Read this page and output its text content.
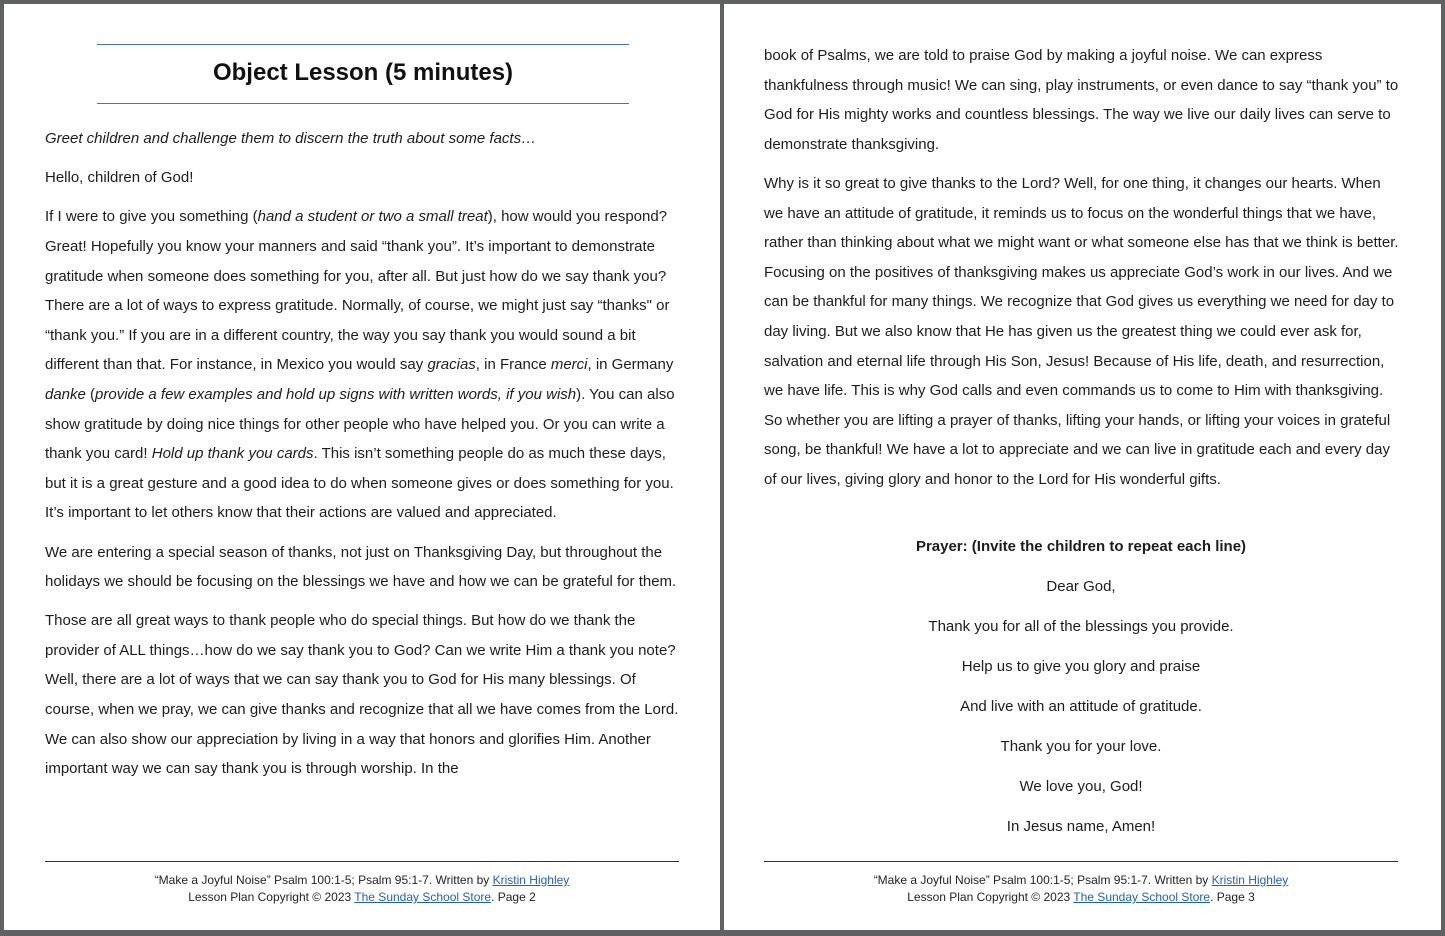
Object Lesson (5 minutes)

Greet children and challenge them to discern the truth about some facts…

Hello, children of God!

If I were to give you something (hand a student or two a small treat), how would you respond? Great! Hopefully you know your manners and said “thank you”. It’s important to demonstrate gratitude when someone does something for you, after all. But just how do we say thank you? There are a lot of ways to express gratitude. Normally, of course, we might just say “thanks" or “thank you.” If you are in a different country, the way you say thank you would sound a bit different than that. For instance, in Mexico you would say gracias, in France merci, in Germany danke (provide a few examples and hold up signs with written words, if you wish). You can also show gratitude by doing nice things for other people who have helped you. Or you can write a thank you card! Hold up thank you cards. This isn’t something people do as much these days, but it is a great gesture and a good idea to do when someone gives or does something for you. It’s important to let others know that their actions are valued and appreciated.

We are entering a special season of thanks, not just on Thanksgiving Day, but throughout the holidays we should be focusing on the blessings we have and how we can be grateful for them.

Those are all great ways to thank people who do special things. But how do we thank the provider of ALL things…how do we say thank you to God? Can we write Him a thank you note? Well, there are a lot of ways that we can say thank you to God for His many blessings. Of course, when we pray, we can give thanks and recognize that all we have comes from the Lord. We can also show our appreciation by living in a way that honors and glorifies Him. Another important way we can say thank you is through worship. In the

“Make a Joyful Noise” Psalm 100:1-5; Psalm 95:1-7. Written by Kristin Highley
Lesson Plan Copyright © 2023 The Sunday School Store. Page 2

book of Psalms, we are told to praise God by making a joyful noise. We can express thankfulness through music! We can sing, play instruments, or even dance to say “thank you” to God for His mighty works and countless blessings. The way we live our daily lives can serve to demonstrate thanksgiving.

Why is it so great to give thanks to the Lord? Well, for one thing, it changes our hearts. When we have an attitude of gratitude, it reminds us to focus on the wonderful things that we have, rather than thinking about what we might want or what someone else has that we think is better. Focusing on the positives of thanksgiving makes us appreciate God’s work in our lives. And we can be thankful for many things. We recognize that God gives us everything we need for day to day living. But we also know that He has given us the greatest thing we could ever ask for, salvation and eternal life through His Son, Jesus! Because of His life, death, and resurrection, we have life. This is why God calls and even commands us to come to Him with thanksgiving. So whether you are lifting a prayer of thanks, lifting your hands, or lifting your voices in grateful song, be thankful! We have a lot to appreciate and we can live in gratitude each and every day of our lives, giving glory and honor to the Lord for His wonderful gifts.

Prayer: (Invite the children to repeat each line)
Dear God,
Thank you for all of the blessings you provide.
Help us to give you glory and praise
And live with an attitude of gratitude.
Thank you for your love.
We love you, God!
In Jesus name, Amen!
“Make a Joyful Noise” Psalm 100:1-5; Psalm 95:1-7. Written by Kristin Highley
Lesson Plan Copyright © 2023 The Sunday School Store. Page 3
